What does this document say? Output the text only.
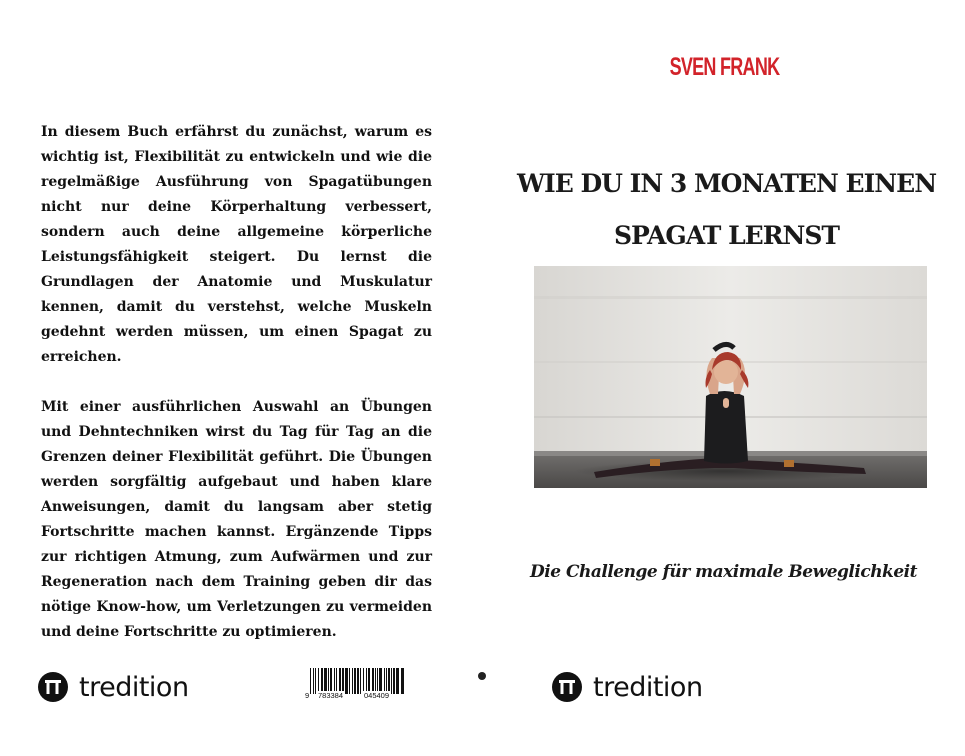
In diesem Buch erfährst du zunächst, warum es wichtig ist, Flexibilität zu entwickeln und wie die regelmäßige Ausführung von Spagatübungen nicht nur deine Körperhaltung verbessert, sondern auch deine allgemeine körperliche Leistungsfähigkeit steigert. Du lernst die Grundlagen der Anatomie und Muskulatur kennen, damit du verstehst, welche Muskeln gedehnt werden müssen, um einen Spagat zu erreichen.

Mit einer ausführlichen Auswahl an Übungen und Dehntechniken wirst du Tag für Tag an die Grenzen deiner Flexibilität geführt. Die Übungen werden sorgfältig aufgebaut und haben klare Anweisungen, damit du langsam aber stetig Fortschritte machen kannst. Ergänzende Tipps zur richtigen Atmung, zum Aufwärmen und zur Regeneration nach dem Training geben dir das nötige Know-how, um Verletzungen zu vermeiden und deine Fortschritte zu optimieren.

tredition	9 783384	045409
SVEN FRANK
WIE DU IN 3 MONATEN EINEN
SPAGAT LERNST
Die Challenge für maximale Beweglichkeit
tredition
